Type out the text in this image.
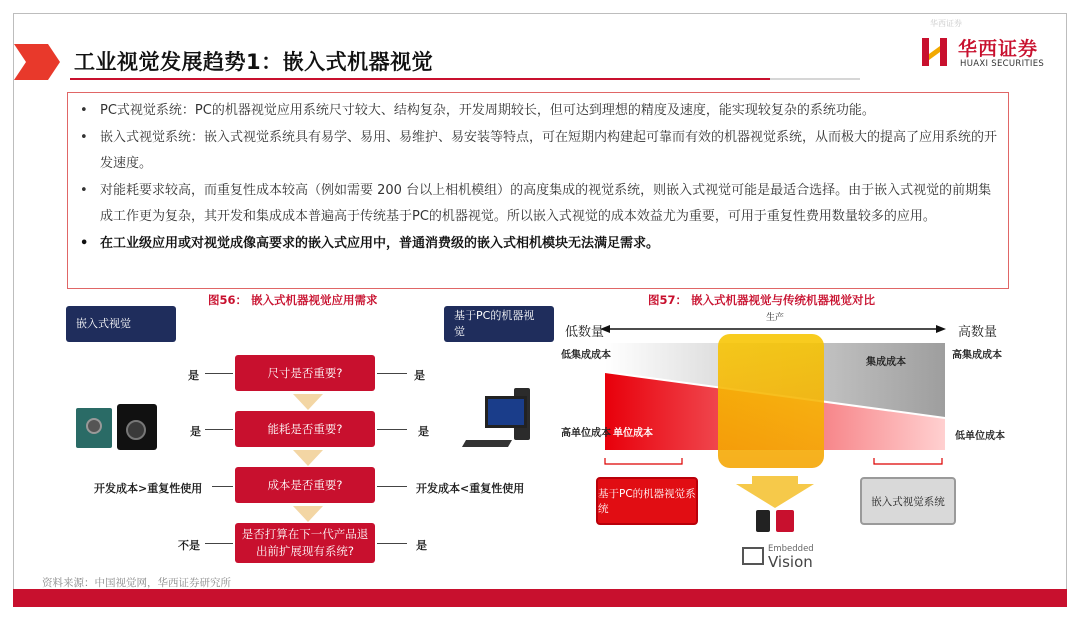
工业视觉发展趋势1：嵌入式机器视觉
华西证券
华西证券
HUAXI SECURITIES
• PC式视觉系统：PC的机器视觉应用系统尺寸较大、结构复杂，开发周期较长，但可达到理想的精度及速度，能实现较复杂的系统功能。
• 嵌入式视觉系统：嵌入式视觉系统具有易学、易用、易维护、易安装等特点，可在短期内构建起可靠而有效的机器视觉系统，从而极大的提高了应用系统的开发速度。
• 对能耗要求较高，而重复性成本较高（例如需要 200 台以上相机模组）的高度集成的视觉系统，则嵌入式视觉可能是最适合选择。由于嵌入式视觉的前期集成工作更为复杂，其开发和集成成本普遍高于传统基于PC的机器视觉。所以嵌入式视觉的成本效益尤为重要，可用于重复性费用数量较多的应用。
• 在工业级应用或对视觉成像高要求的嵌入式应用中，普通消费级的嵌入式相机模块无法满足需求。
图56： 嵌入式机器视觉应用需求
嵌入式视觉
基于PC的机器视觉
尺寸是否重要?
能耗是否重要?
成本是否重要?
是否打算在下一代产品退出前扩展现有系统?
是
是
开发成本>重复性使用
不是
是
是
开发成本<重复性使用
是
图57： 嵌入式机器视觉与传统机器视觉对比
低数量	高数量
生产
低集成成本	高集成成本
集成成本
高单位成本 单位成本	低单位成本
基于PC的机器视觉系统
嵌入式视觉系统
Embedded
Vision
资料来源：中国视觉网，华西证券研究所
